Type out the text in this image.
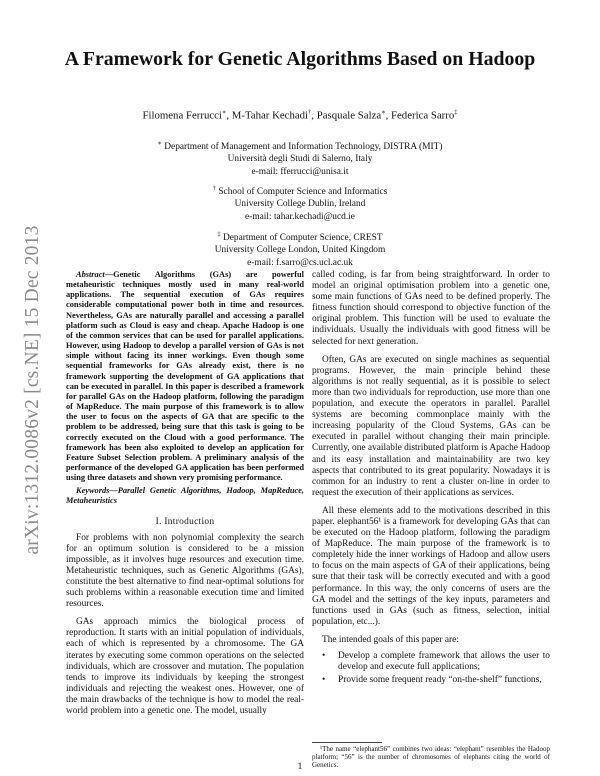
arXiv:1312.0086v2 [cs.NE] 15 Dec 2013
A Framework for Genetic Algorithms Based on Hadoop
Filomena Ferrucci∗, M-Tahar Kechadi†, Pasquale Salza∗, Federica Sarro‡
∗ Department of Management and Information Technology, DISTRA (MIT)
Università degli Studi di Salerno, Italy
e-mail: fferrucci@unisa.it
† School of Computer Science and Informatics
University College Dublin, Ireland
e-mail: tahar.kechadi@ucd.ie
‡ Department of Computer Science, CREST
University College London, United Kingdom
e-mail: f.sarro@cs.ucl.ac.uk

Abstract—Genetic Algorithms (GAs) are powerful metaheuristic techniques mostly used in many real-world applications. The sequential execution of GAs requires considerable computational power both in time and resources. Nevertheless, GAs are naturally parallel and accessing a parallel platform such as Cloud is easy and cheap. Apache Hadoop is one of the common services that can be used for parallel applications. However, using Hadoop to develop a parallel version of GAs is not simple without facing its inner workings. Even though some sequential frameworks for GAs already exist, there is no framework supporting the development of GA applications that can be executed in parallel. In this paper is described a framework for parallel GAs on the Hadoop platform, following the paradigm of MapReduce. The main purpose of this framework is to allow the user to focus on the aspects of GA that are specific to the problem to be addressed, being sure that this task is going to be correctly executed on the Cloud with a good performance. The framework has been also exploited to develop an application for Feature Subset Selection problem. A preliminary analysis of the performance of the developed GA application has been performed using three datasets and shown very promising performance.

Keywords—Parallel Genetic Algorithms, Hadoop, MapReduce, Metaheuristics

I. Introduction

For problems with non polynomial complexity the search for an optimum solution is considered to be a mission impossible, as it involves huge resources and execution time. Metaheuristic techniques, such as Genetic Algorithms (GAs), constitute the best alternative to find near-optimal solutions for such problems within a reasonable execution time and limited resources.

GAs approach mimics the biological process of reproduction. It starts with an initial population of individuals, each of which is represented by a chromosome. The GA iterates by executing some common operations on the selected individuals, which are crossover and mutation. The population tends to improve its individuals by keeping the strongest individuals and rejecting the weakest ones. However, one of the main drawbacks of the technique is how to model the real-world problem into a genetic one. The model, usually

called coding, is far from being straightforward. In order to model an original optimisation problem into a genetic one, some main functions of GAs need to be defined properly. The fitness function should correspond to objective function of the original problem. This function will be used to evaluate the individuals. Usually the individuals with good fitness will be selected for next generation.

Often, GAs are executed on single machines as sequential programs. However, the main principle behind these algorithms is not really sequential, as it is possible to select more than two individuals for reproduction, use more than one population, and execute the operators in parallel. Parallel systems are becoming commonplace mainly with the increasing popularity of the Cloud Systems, GAs can be executed in parallel without changing their main principle. Currently, one available distributed platform is Apache Hadoop and its easy installation and maintainability are two key aspects that contributed to its great popularity. Nowadays it is common for an industry to rent a cluster on-line in order to request the execution of their applications as services.

All these elements add to the motivations described in this paper. elephant56¹ is a framework for developing GAs that can be executed on the Hadoop platform, following the paradigm of MapReduce. The main purpose of the framework is to completely hide the inner workings of Hadoop and allow users to focus on the main aspects of GA of their applications, being sure that their task will be correctly executed and with a good performance. In this way, the only concerns of users are the GA model and the settings of the key inputs, parameters and functions used in GAs (such as fitness, selection, initial population, etc...).

The intended goals of this paper are:

• Develop a complete framework that allows the user to develop and execute full applications;
• Provide some frequent ready “on-the-shelf” functions,
¹The name “elephant56” combines two ideas: “elephant” resembles the Hadoop platform; “56” is the number of chromosomes of elephants citing the world of Genetics.
1
